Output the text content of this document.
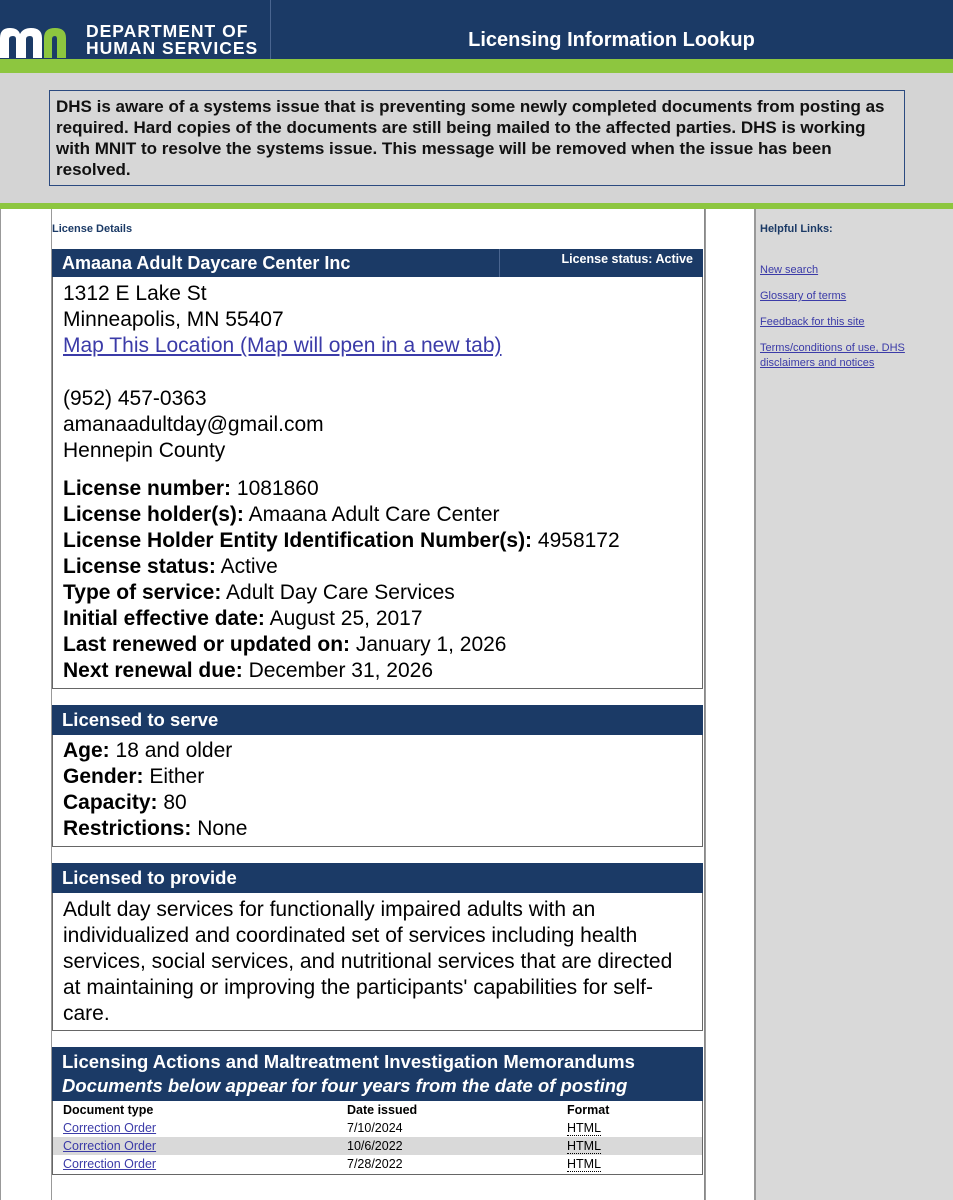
DEPARTMENT OF
HUMAN SERVICES	Licensing Information Lookup
DHS is aware of a systems issue that is preventing some newly completed documents from posting as required. Hard copies of the documents are still being mailed to the affected parties. DHS is working with MNIT to resolve the systems issue. This message will be removed when the issue has been resolved.
License Details
Amaana Adult Daycare Center Inc	License status: Active
1312 E Lake St
Minneapolis, MN 55407
Map This Location (Map will open in a new tab)
(952) 457-0363
amanaadultday@gmail.com
Hennepin County
License number: 1081860
License holder(s): Amaana Adult Care Center
License Holder Entity Identification Number(s): 4958172
License status: Active
Type of service: Adult Day Care Services
Initial effective date: August 25, 2017
Last renewed or updated on: January 1, 2026
Next renewal due: December 31, 2026
Licensed to serve
Age: 18 and older
Gender: Either
Capacity: 80
Restrictions: None
Licensed to provide
Adult day services for functionally impaired adults with an individualized and coordinated set of services including health services, social services, and nutritional services that are directed at maintaining or improving the participants' capabilities for self-care.
Licensing Actions and Maltreatment Investigation Memorandums
Documents below appear for four years from the date of posting
Document type	Date issued	Format
Correction Order	7/10/2024	HTML
Correction Order	10/6/2022	HTML
Correction Order	7/28/2022	HTML
Helpful Links:
New search
Glossary of terms
Feedback for this site
Terms/conditions of use, DHS disclaimers and notices
